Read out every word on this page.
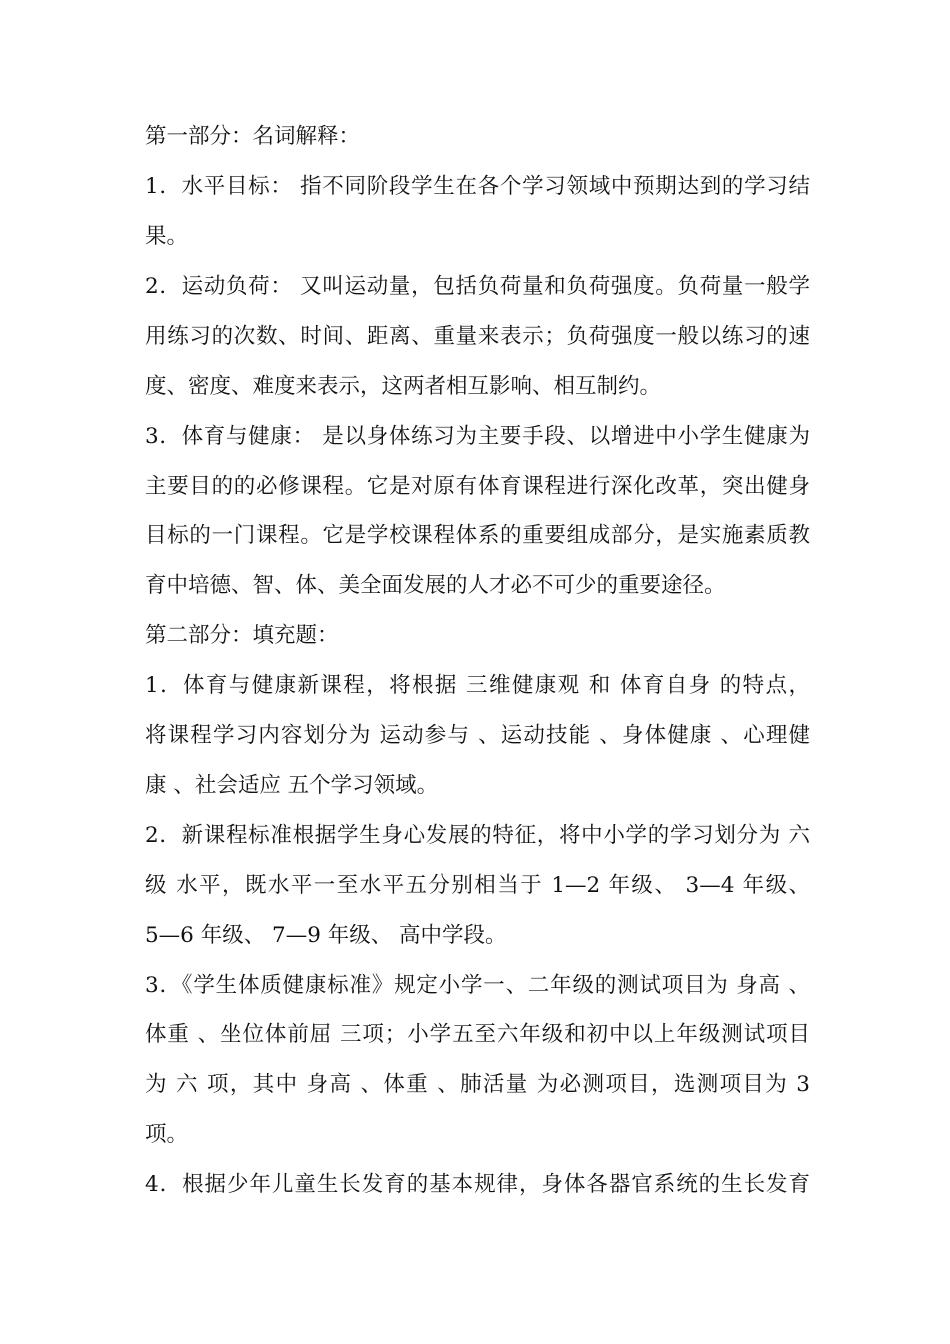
第一部分：名词解释：
1．水平目标： 指不同阶段学生在各个学习领域中预期达到的学习结
果。
2．运动负荷： 又叫运动量，包括负荷量和负荷强度。负荷量一般学
用练习的次数、时间、距离、重量来表示；负荷强度一般以练习的速
度、密度、难度来表示，这两者相互影响、相互制约。
3．体育与健康： 是以身体练习为主要手段、以增进中小学生健康为
主要目的的必修课程。它是对原有体育课程进行深化改革，突出健身
目标的一门课程。它是学校课程体系的重要组成部分，是实施素质教
育中培德、智、体、美全面发展的人才必不可少的重要途径。
第二部分：填充题：
1．体育与健康新课程，将根据 三维健康观 和 体育自身 的特点，
将课程学习内容划分为 运动参与 、运动技能 、身体健康 、心理健
康 、社会适应 五个学习领域。
2．新课程标准根据学生身心发展的特征，将中小学的学习划分为 六
级 水平，既水平一至水平五分别相当于 1—2 年级、 3—4 年级、
5—6 年级、 7—9 年级、 高中学段。
3．《学生体质健康标准》规定小学一、二年级的测试项目为 身高 、
体重 、坐位体前屈 三项；小学五至六年级和初中以上年级测试项目
为 六 项，其中 身高 、体重 、肺活量 为必测项目，选测项目为 3
项。
4．根据少年儿童生长发育的基本规律，身体各器官系统的生长发育
